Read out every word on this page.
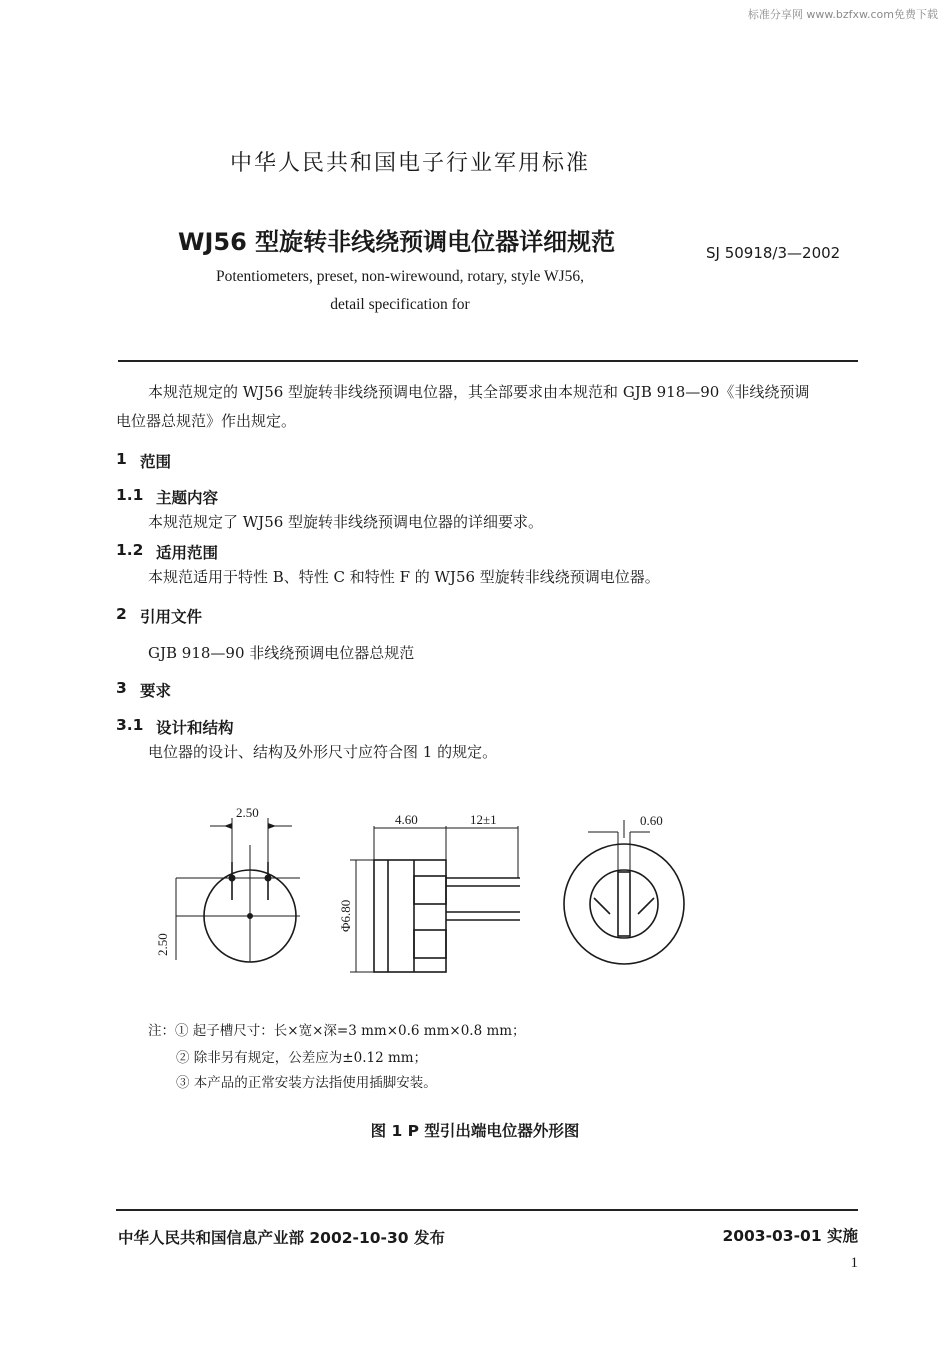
标准分享网 www.bzfxw.com免费下载
中华人民共和国电子行业军用标准
WJ56 型旋转非线绕预调电位器详细规范	SJ 50918/3—2002
Potentiometers, preset, non-wirewound, rotary, style WJ56,
detail specification for
本规范规定的 WJ56 型旋转非线绕预调电位器，其全部要求由本规范和 GJB 918—90《非线绕预调
电位器总规范》作出规定。
1 范围
1.1 主题内容
本规范规定了 WJ56 型旋转非线绕预调电位器的详细要求。
1.2 适用范围
本规范适用于特性 B、特性 C 和特性 F 的 WJ56 型旋转非线绕预调电位器。
2 引用文件
GJB 918—90 非线绕预调电位器总规范
3 要求
3.1 设计和结构
电位器的设计、结构及外形尺寸应符合图 1 的规定。
2.50
2.50
4.60	12±1
Φ6.80
0.60
注：① 起子槽尺寸：长×宽×深=3 mm×0.6 mm×0.8 mm；
② 除非另有规定，公差应为±0.12 mm；
③ 本产品的正常安装方法指使用插脚安装。
图 1 P 型引出端电位器外形图
中华人民共和国信息产业部 2002-10-30 发布	2003-03-01 实施
1
